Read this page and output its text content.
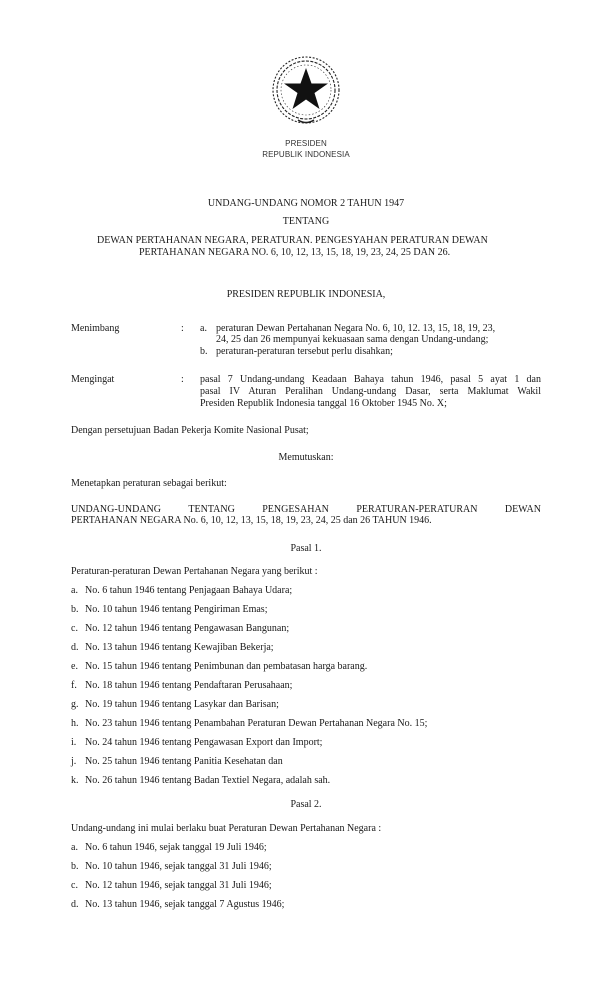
PRESIDEN
REPUBLIK INDONESIA
UNDANG-UNDANG NOMOR 2 TAHUN 1947
TENTANG
DEWAN PERTAHANAN NEGARA, PERATURAN. PENGESYAHAN PERATURAN DEWAN
PERTAHANAN NEGARA NO. 6, 10, 12, 13, 15, 18, 19, 23, 24, 25 DAN 26.
PRESIDEN REPUBLIK INDONESIA,
Menimbang	: a. peraturan Dewan Pertahanan Negara No. 6, 10, 12. 13, 15, 18, 19, 23,
24, 25 dan 26 mempunyai kekuasaan sama dengan Undang-undang;
b. peraturan-peraturan tersebut perlu disahkan;
Mengingat	: pasal 7 Undang-undang Keadaan Bahaya tahun 1946, pasal 5 ayat 1 dan
pasal IV Aturan Peralihan Undang-undang Dasar, serta Maklumat Wakil
Presiden Republik Indonesia tanggal 16 Oktober 1945 No. X;
Dengan persetujuan Badan Pekerja Komite Nasional Pusat;
Memutuskan:
Menetapkan peraturan sebagai berikut:
UNDANG-UNDANG	TENTANG	PENGESAHAN	PERATURAN-PERATURAN	DEWAN
PERTAHANAN NEGARA No. 6, 10, 12, 13, 15, 18, 19, 23, 24, 25 dan 26 TAHUN 1946.
Pasal 1.
Peraturan-peraturan Dewan Pertahanan Negara yang berikut :
a. No. 6 tahun 1946 tentang Penjagaan Bahaya Udara;
b. No. 10 tahun 1946 tentang Pengiriman Emas;
c. No. 12 tahun 1946 tentang Pengawasan Bangunan;
d. No. 13 tahun 1946 tentang Kewajiban Bekerja;
e. No. 15 tahun 1946 tentang Penimbunan dan pembatasan harga barang.
f. No. 18 tahun 1946 tentang Pendaftaran Perusahaan;
g. No. 19 tahun 1946 tentang Lasykar dan Barisan;
h. No. 23 tahun 1946 tentang Penambahan Peraturan Dewan Pertahanan Negara No. 15;
i. No. 24 tahun 1946 tentang Pengawasan Export dan Import;
j. No. 25 tahun 1946 tentang Panitia Kesehatan dan
k. No. 26 tahun 1946 tentang Badan Textiel Negara, adalah sah.
Pasal 2.
Undang-undang ini mulai berlaku buat Peraturan Dewan Pertahanan Negara :
a. No. 6 tahun 1946, sejak tanggal 19 Juli 1946;
b. No. 10 tahun 1946, sejak tanggal 31 Juli 1946;
c. No. 12 tahun 1946, sejak tanggal 31 Juli 1946;
d. No. 13 tahun 1946, sejak tanggal 7 Agustus 1946;
